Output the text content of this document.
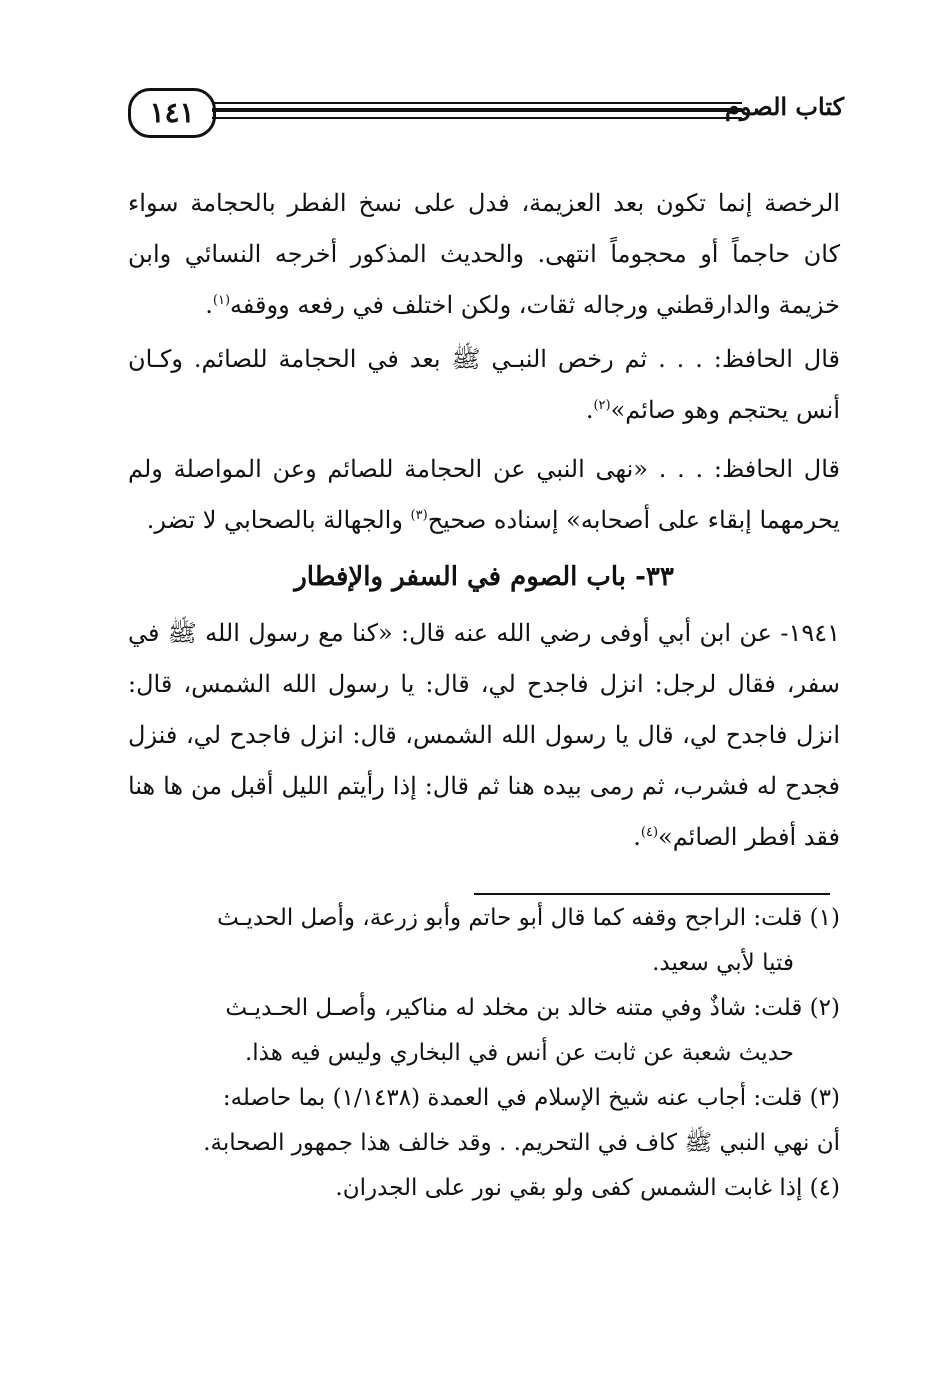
١٤١	كتاب الصوم

الرخصة إنما تكون بعد العزيمة، فدل على نسخ الفطر بالحجامة سواء كان حاجماً أو محجوماً انتهى. والحديث المذكور أخرجه النسائي وابن خزيمة والدارقطني ورجاله ثقات، ولكن اختلف في رفعه ووقفه$^{(١)}$.

قال الحافظ: . . . ثم رخص النبـي ﷺ بعد في الحجامة للصائم. وكـان أنس يحتجم وهو صائم»$^{(٢)}$.

قال الحافظ: . . . «نهى النبي عن الحجامة للصائم وعن المواصلة ولم يحرمهما إبقاء على أصحابه» إسناده صحيح$^{(٣)}$ والجهالة بالصحابي لا تضر.

٣٣- باب الصوم في السفر والإفطار

١٩٤١- عن ابن أبي أوفى رضي الله عنه قال: «كنا مع رسول الله ﷺ في سفر، فقال لرجل: انزل فاجدح لي، قال: يا رسول الله الشمس، قال: انزل فاجدح لي، قال يا رسول الله الشمس، قال: انزل فاجدح لي، فنزل فجدح له فشرب، ثم رمى بيده هنا ثم قال: إذا رأيتم الليل أقبل من ها هنا فقد أفطر الصائم»$^{(٤)}$.

(١) قلت: الراجح وقفه كما قال أبو حاتم وأبو زرعة، وأصل الحديـث
فتيا لأبي سعيد.

(٢) قلت: شاذٌ وفي متنه خالد بن مخلد له مناكير، وأصـل الحـديـث
حديث شعبة عن ثابت عن أنس في البخاري وليس فيه هذا.

(٣) قلت: أجاب عنه شيخ الإسلام في العمدة (١/١٤٣٨) بما حاصله:
أن نهي النبي ﷺ كاف في التحريم. . وقد خالف هذا جمهور الصحابة.

(٤) إذا غابت الشمس كفى ولو بقي نور على الجدران.
